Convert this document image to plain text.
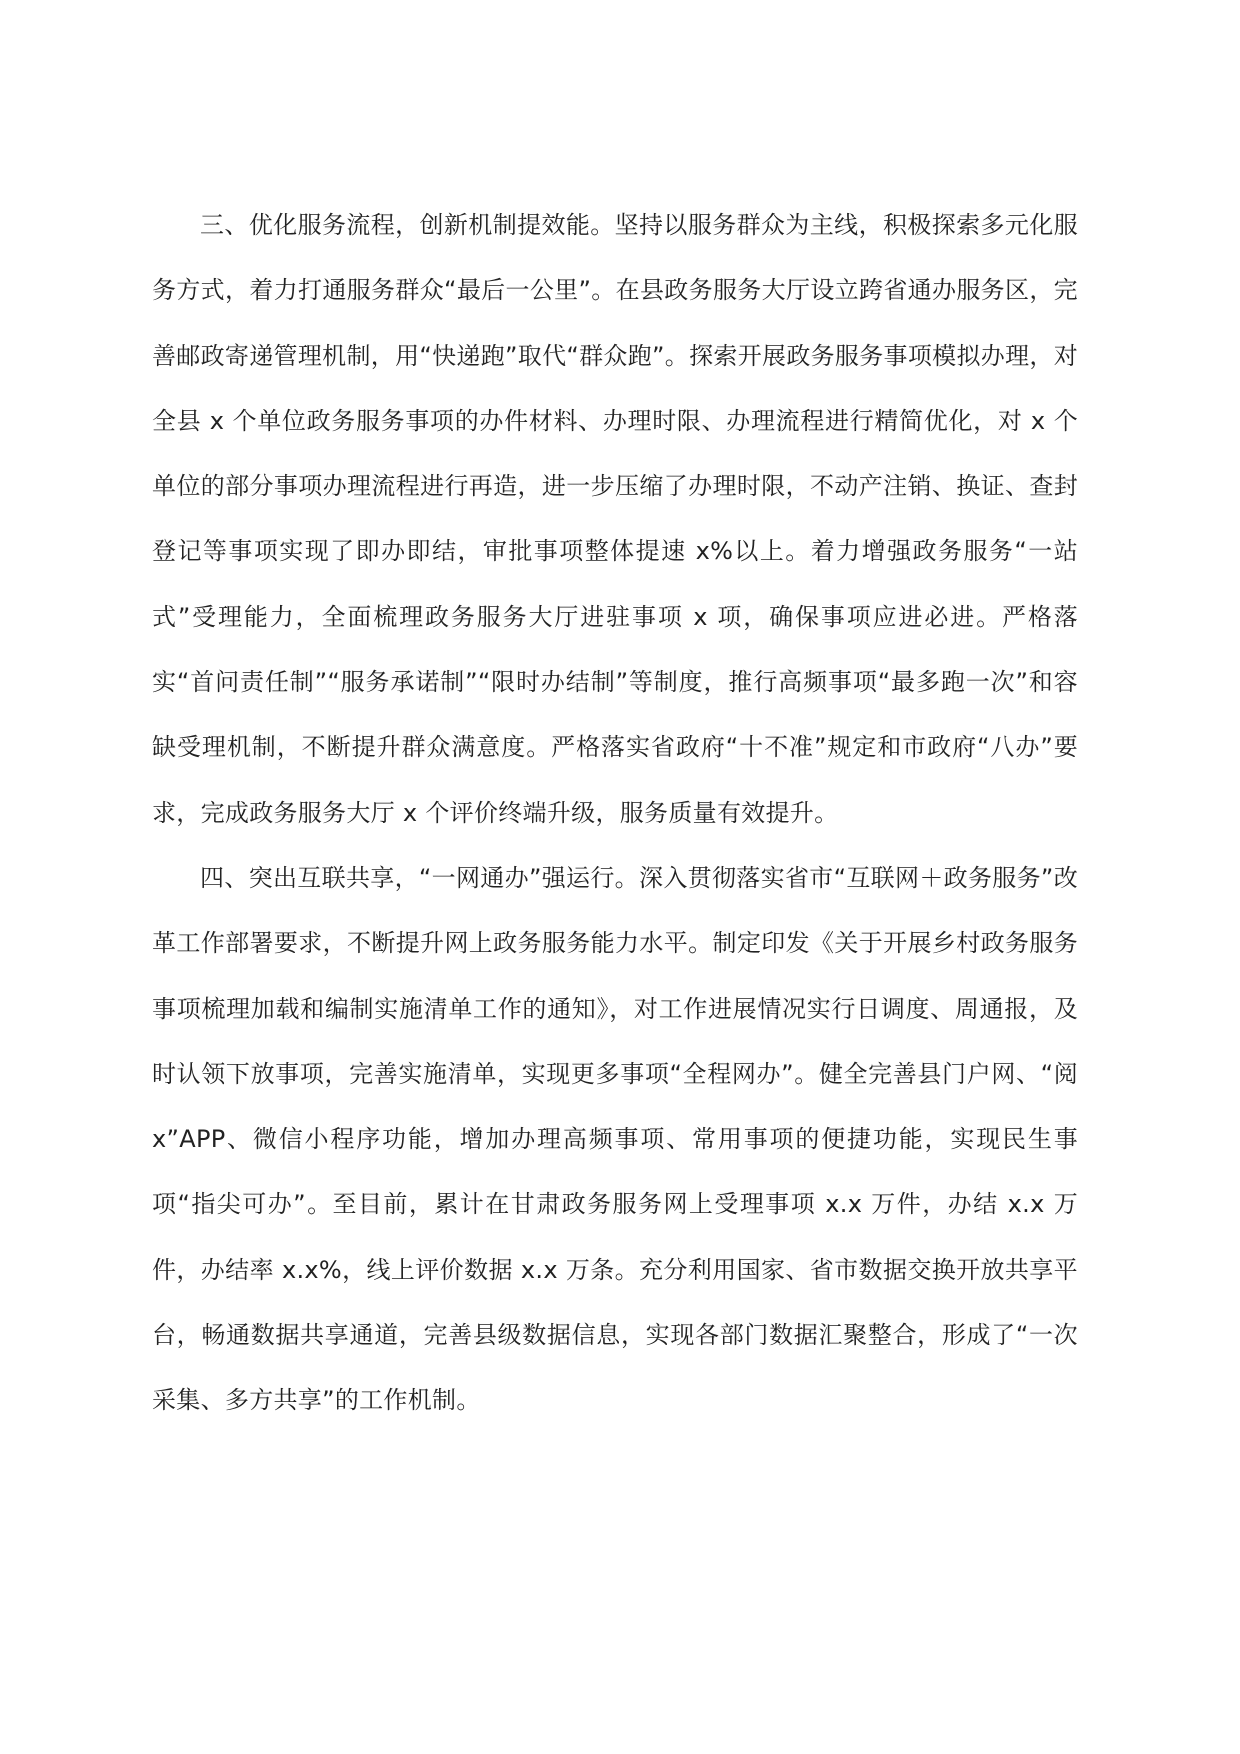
三、优化服务流程，创新机制提效能。坚持以服务群众为主线，积极探索多元化服务方式，着力打通服务群众“最后一公里”。在县政务服务大厅设立跨省通办服务区，完善邮政寄递管理机制，用“快递跑”取代“群众跑”。探索开展政务服务事项模拟办理，对全县 x 个单位政务服务事项的办件材料、办理时限、办理流程进行精简优化，对 x 个单位的部分事项办理流程进行再造，进一步压缩了办理时限，不动产注销、换证、查封登记等事项实现了即办即结，审批事项整体提速 x%以上。着力增强政务服务“一站式”受理能力，全面梳理政务服务大厅进驻事项 x 项，确保事项应进必进。严格落实“首问责任制”“服务承诺制”“限时办结制”等制度，推行高频事项“最多跑一次”和容缺受理机制，不断提升群众满意度。严格落实省政府“十不准”规定和市政府“八办”要求，完成政务服务大厅 x 个评价终端升级，服务质量有效提升。

四、突出互联共享，“一网通办”强运行。深入贯彻落实省市“互联网＋政务服务”改革工作部署要求，不断提升网上政务服务能力水平。制定印发《关于开展乡村政务服务事项梳理加载和编制实施清单工作的通知》，对工作进展情况实行日调度、周通报，及时认领下放事项，完善实施清单，实现更多事项“全程网办”。健全完善县门户网、“阅 x”APP、微信小程序功能，增加办理高频事项、常用事项的便捷功能，实现民生事项“指尖可办”。至目前，累计在甘肃政务服务网上受理事项 x.x 万件，办结 x.x 万件，办结率 x.x%，线上评价数据 x.x 万条。充分利用国家、省市数据交换开放共享平台，畅通数据共享通道，完善县级数据信息，实现各部门数据汇聚整合，形成了“一次采集、多方共享”的工作机制。
